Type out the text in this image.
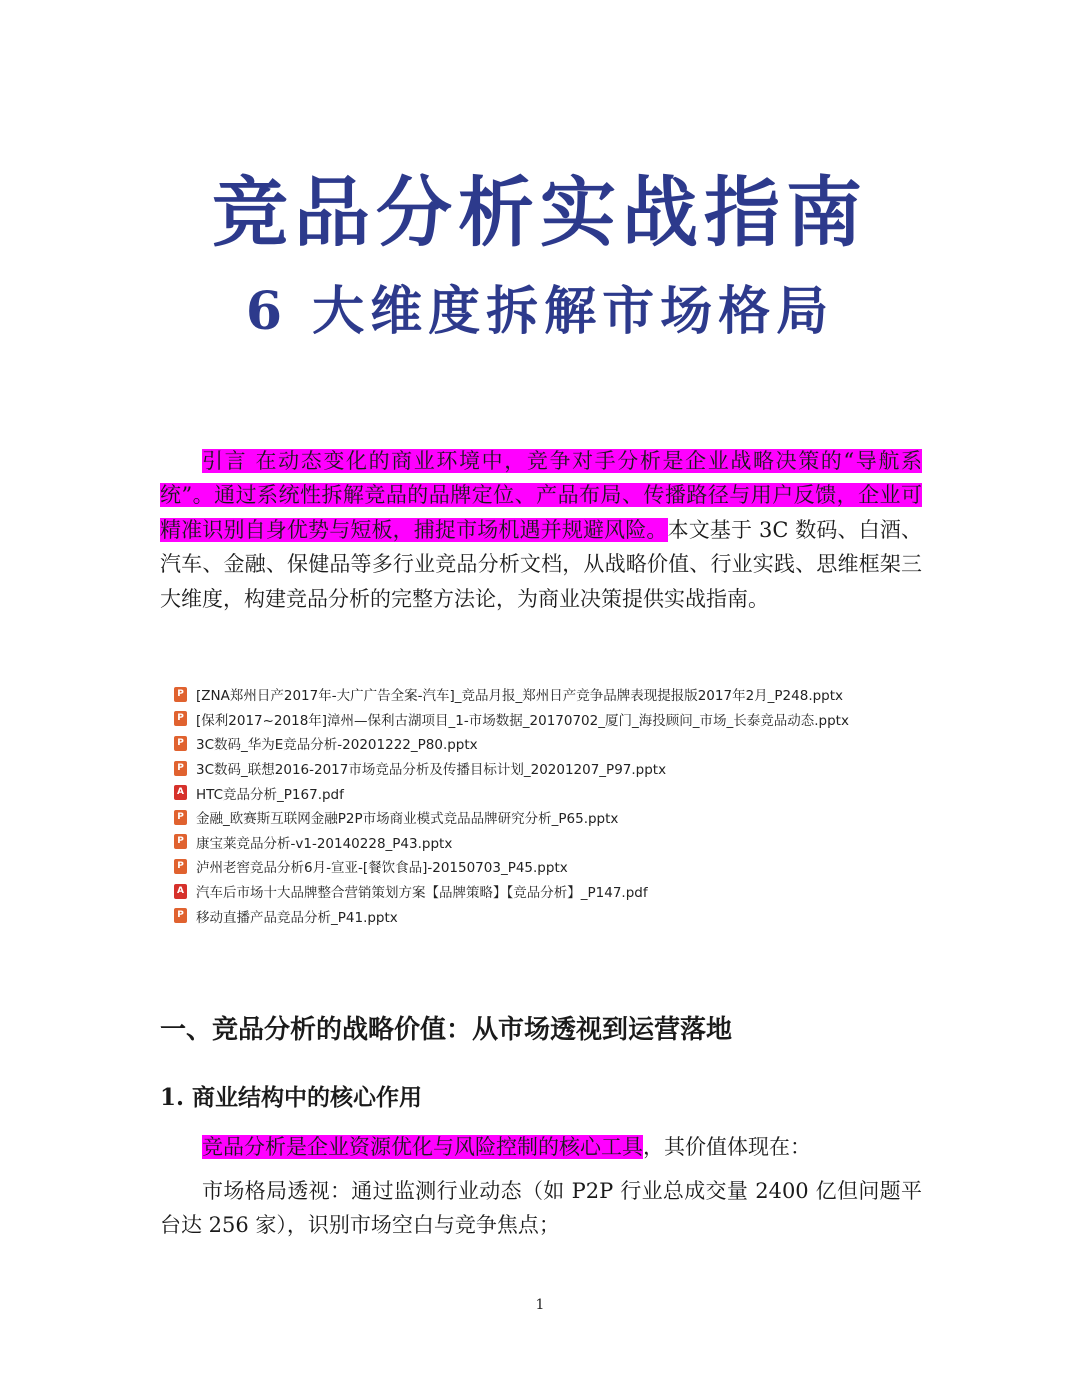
竞品分析实战指南
6 大维度拆解市场格局

引言 在动态变化的商业环境中，竞争对手分析是企业战略决策的“导航系统”。通过系统性拆解竞品的品牌定位、产品布局、传播路径与用户反馈，企业可精准识别自身优势与短板，捕捉市场机遇并规避风险。本文基于 3C 数码、白酒、汽车、金融、保健品等多行业竞品分析文档，从战略价值、行业实践、思维框架三大维度，构建竞品分析的完整方法论，为商业决策提供实战指南。

P [ZNA郑州日产2017年-大广广告全案-汽车]_竞品月报_郑州日产竞争品牌表现提报版2017年2月_P248.pptx
P [保利2017~2018年]漳州—保利古湖项目_1-市场数据_20170702_厦门_海投顾问_市场_长泰竞品动态.pptx
P 3C数码_华为E竞品分析-20201222_P80.pptx
P 3C数码_联想2016-2017市场竞品分析及传播目标计划_20201207_P97.pptx
A HTC竞品分析_P167.pdf
P 金融_欧赛斯互联网金融P2P市场商业模式竞品品牌研究分析_P65.pptx
P 康宝莱竞品分析-v1-20140228_P43.pptx
P 泸州老窖竞品分析6月-宣亚-[餐饮食品]-20150703_P45.pptx
A 汽车后市场十大品牌整合营销策划方案【品牌策略】【竞品分析】_P147.pdf
P 移动直播产品竞品分析_P41.pptx
一、竞品分析的战略价值：从市场透视到运营落地
1. 商业结构中的核心作用

竞品分析是企业资源优化与风险控制的核心工具，其价值体现在：

市场格局透视：通过监测行业动态（如 P2P 行业总成交量 2400 亿但问题平台达 256 家），识别市场空白与竞争焦点；

1
